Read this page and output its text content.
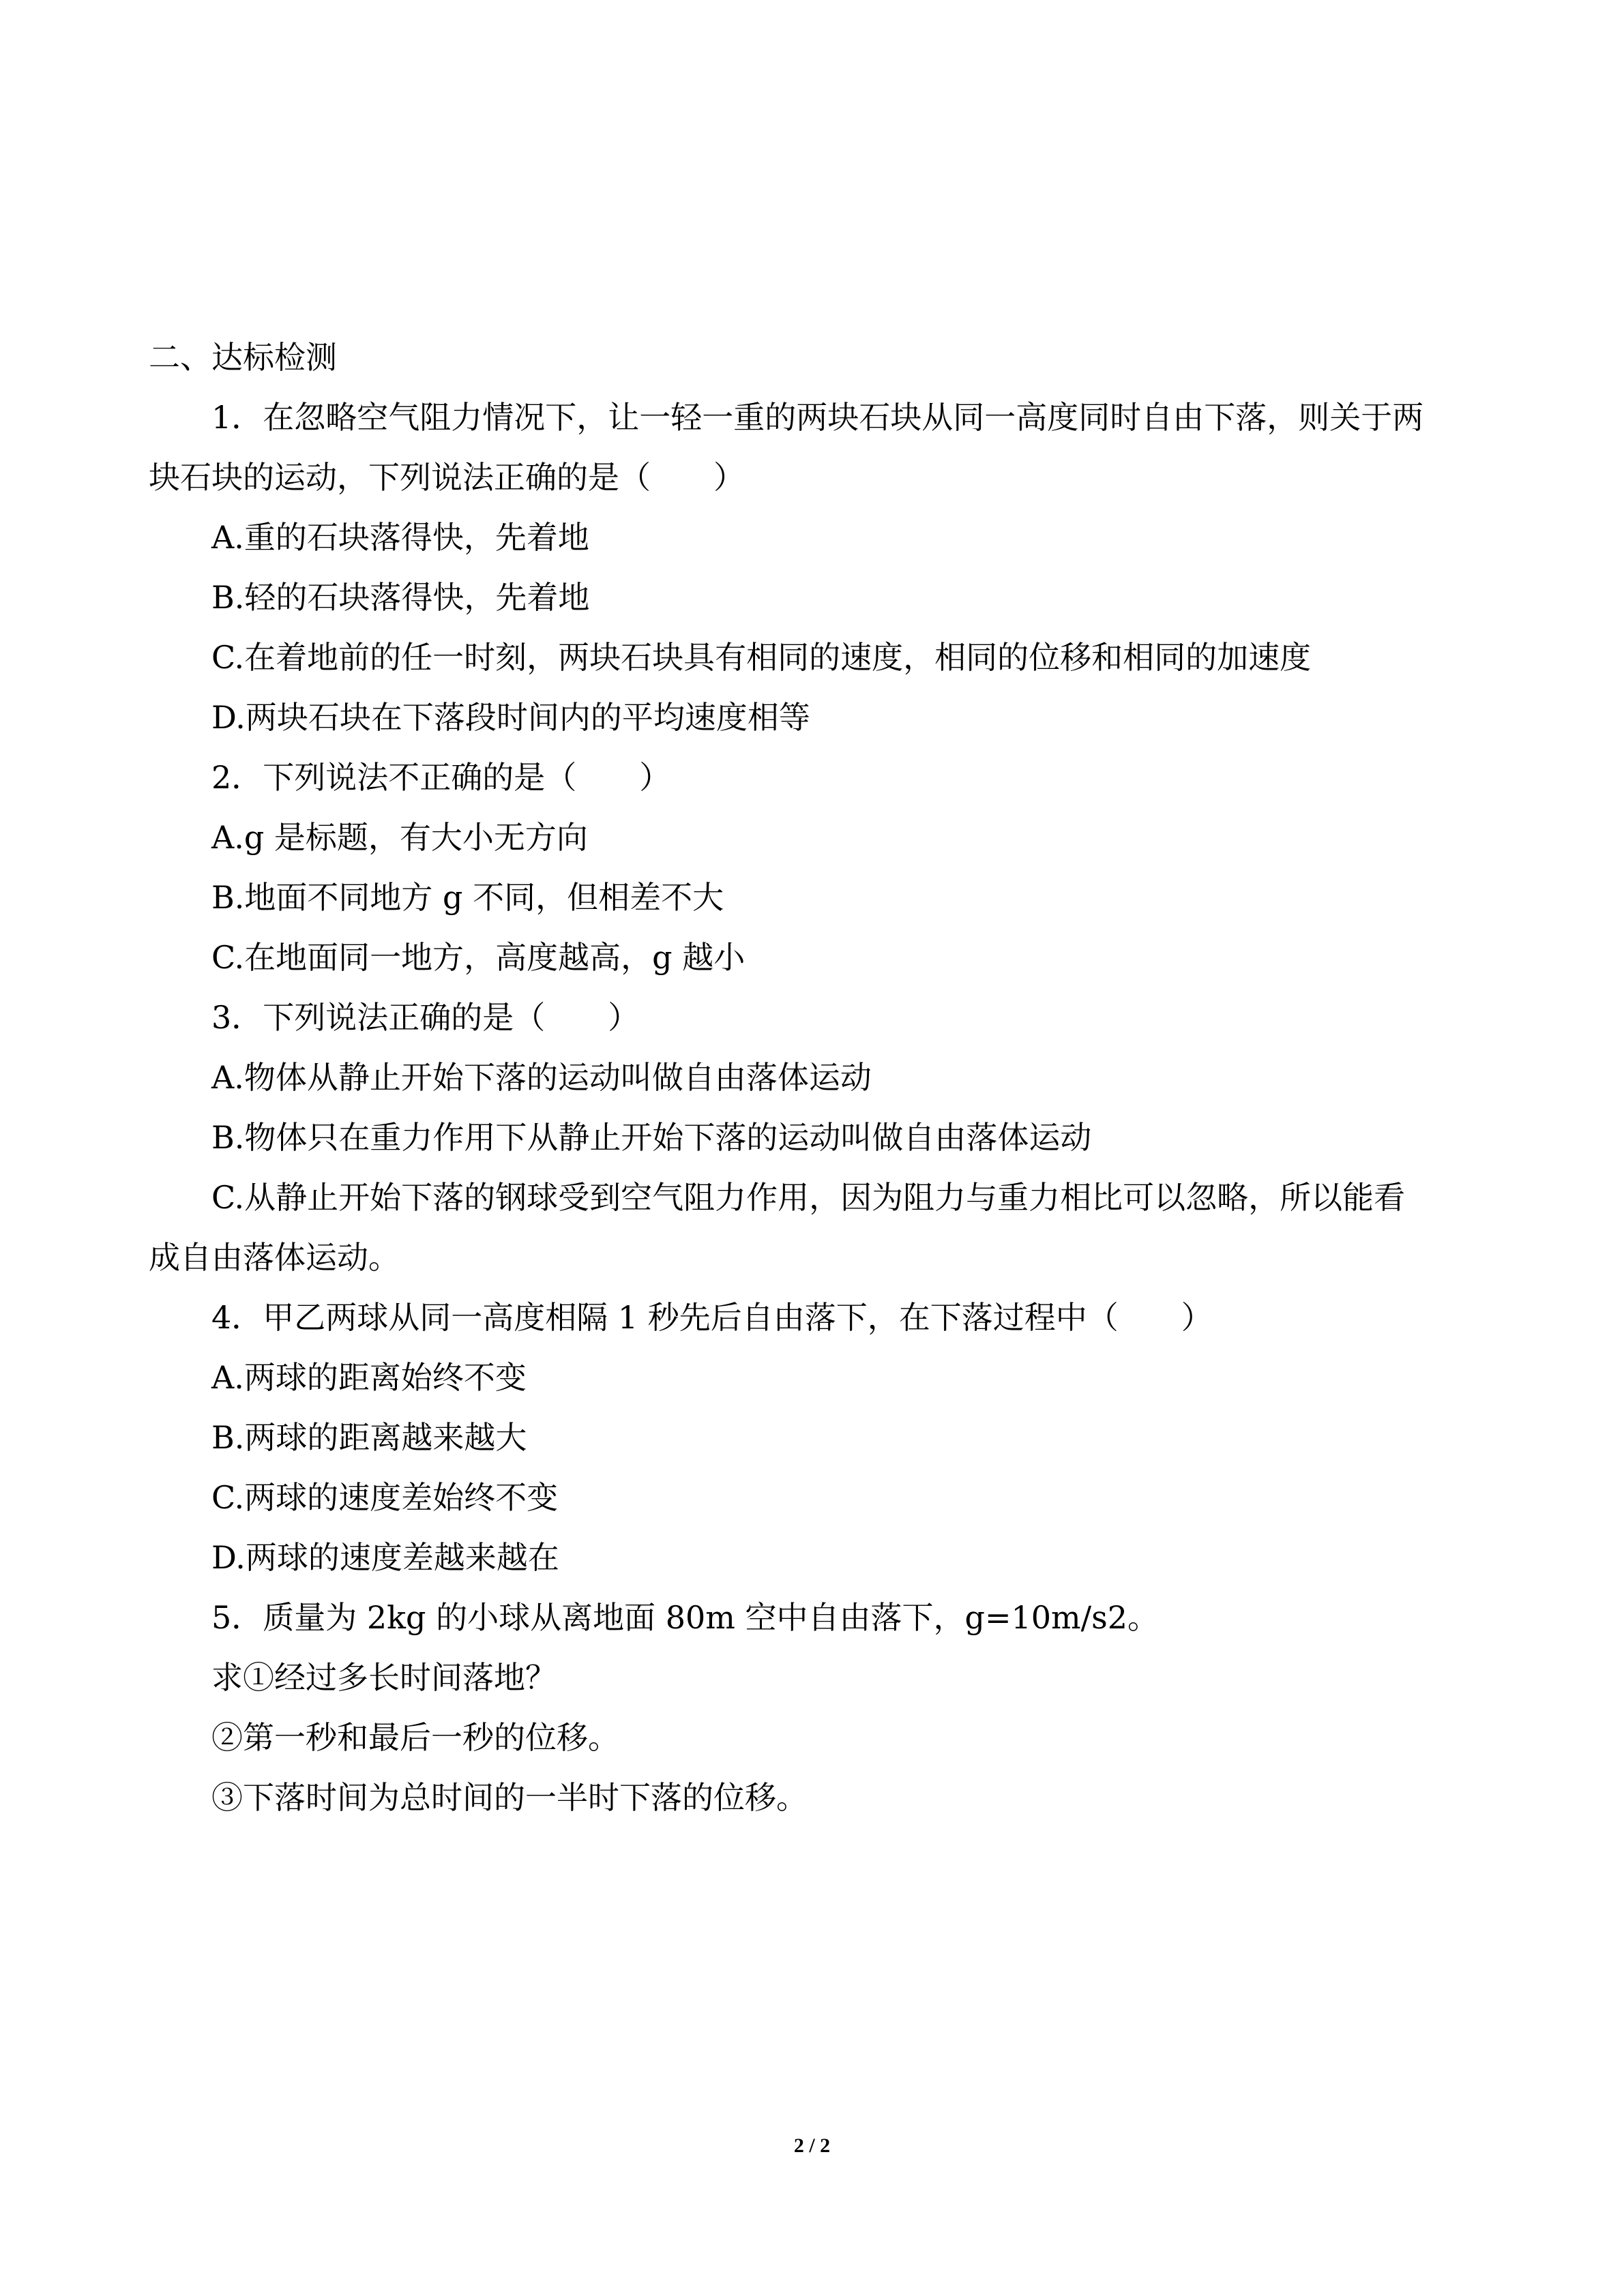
二、达标检测
1．在忽略空气阻力情况下，让一轻一重的两块石块从同一高度同时自由下落，则关于两
块石块的运动，下列说法正确的是（　　）
A.重的石块落得快，先着地
B.轻的石块落得快，先着地
C.在着地前的任一时刻，两块石块具有相同的速度，相同的位移和相同的加速度
D.两块石块在下落段时间内的平均速度相等
2．下列说法不正确的是（　　）
A.g 是标题，有大小无方向
B.地面不同地方 g 不同，但相差不大
C.在地面同一地方，高度越高，g 越小
3．下列说法正确的是（　　）
A.物体从静止开始下落的运动叫做自由落体运动
B.物体只在重力作用下从静止开始下落的运动叫做自由落体运动
C.从静止开始下落的钢球受到空气阻力作用，因为阻力与重力相比可以忽略，所以能看
成自由落体运动。
4．甲乙两球从同一高度相隔 1 秒先后自由落下，在下落过程中（　　）
A.两球的距离始终不变
B.两球的距离越来越大
C.两球的速度差始终不变
D.两球的速度差越来越在
5．质量为 2kg 的小球从离地面 80m 空中自由落下，g=10m/s2。
求①经过多长时间落地？
②第一秒和最后一秒的位移。
③下落时间为总时间的一半时下落的位移。
2 / 2
